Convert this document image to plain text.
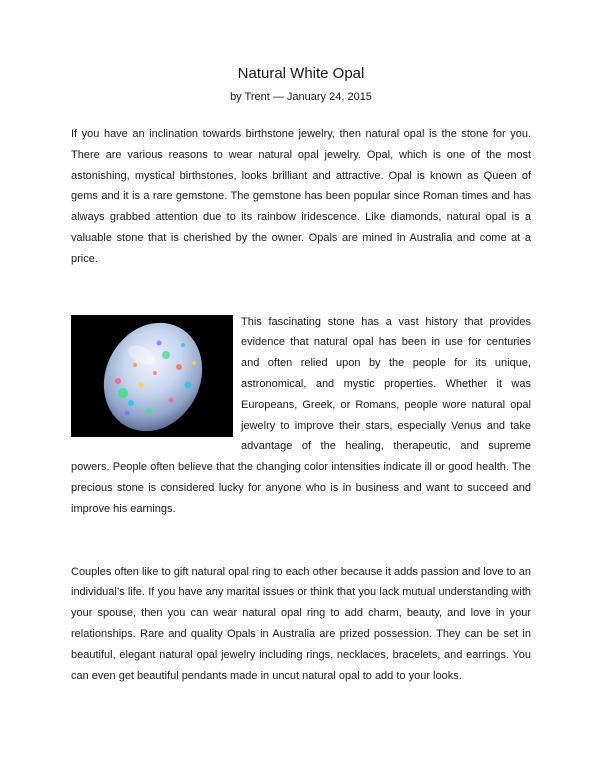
Natural White Opal
by Trent — January 24, 2015

If you have an inclination towards birthstone jewelry, then natural opal is the stone for you. There are various reasons to wear natural opal jewelry. Opal, which is one of the most astonishing, mystical birthstones, looks brilliant and attractive. Opal is known as Queen of gems and it is a rare gemstone. The gemstone has been popular since Roman times and has always grabbed attention due to its rainbow iridescence. Like diamonds, natural opal is a valuable stone that is cherished by the owner. Opals are mined in Australia and come at a price.

This fascinating stone has a vast history that provides evidence that natural opal has been in use for centuries and often relied upon by the people for its unique, astronomical, and mystic properties. Whether it was Europeans, Greek, or Romans, people wore natural opal jewelry to improve their stars, especially Venus and take advantage of the healing, therapeutic, and supreme powers. People often believe that the changing color intensities indicate ill or good health. The precious stone is considered lucky for anyone who is in business and want to succeed and improve his earnings.

Couples often like to gift natural opal ring to each other because it adds passion and love to an individual’s life. If you have any marital issues or think that you lack mutual understanding with your spouse, then you can wear natural opal ring to add charm, beauty, and love in your relationships. Rare and quality Opals in Australia are prized possession. They can be set in beautiful, elegant natural opal jewelry including rings, necklaces, bracelets, and earrings. You can even get beautiful pendants made in uncut natural opal to add to your looks.
